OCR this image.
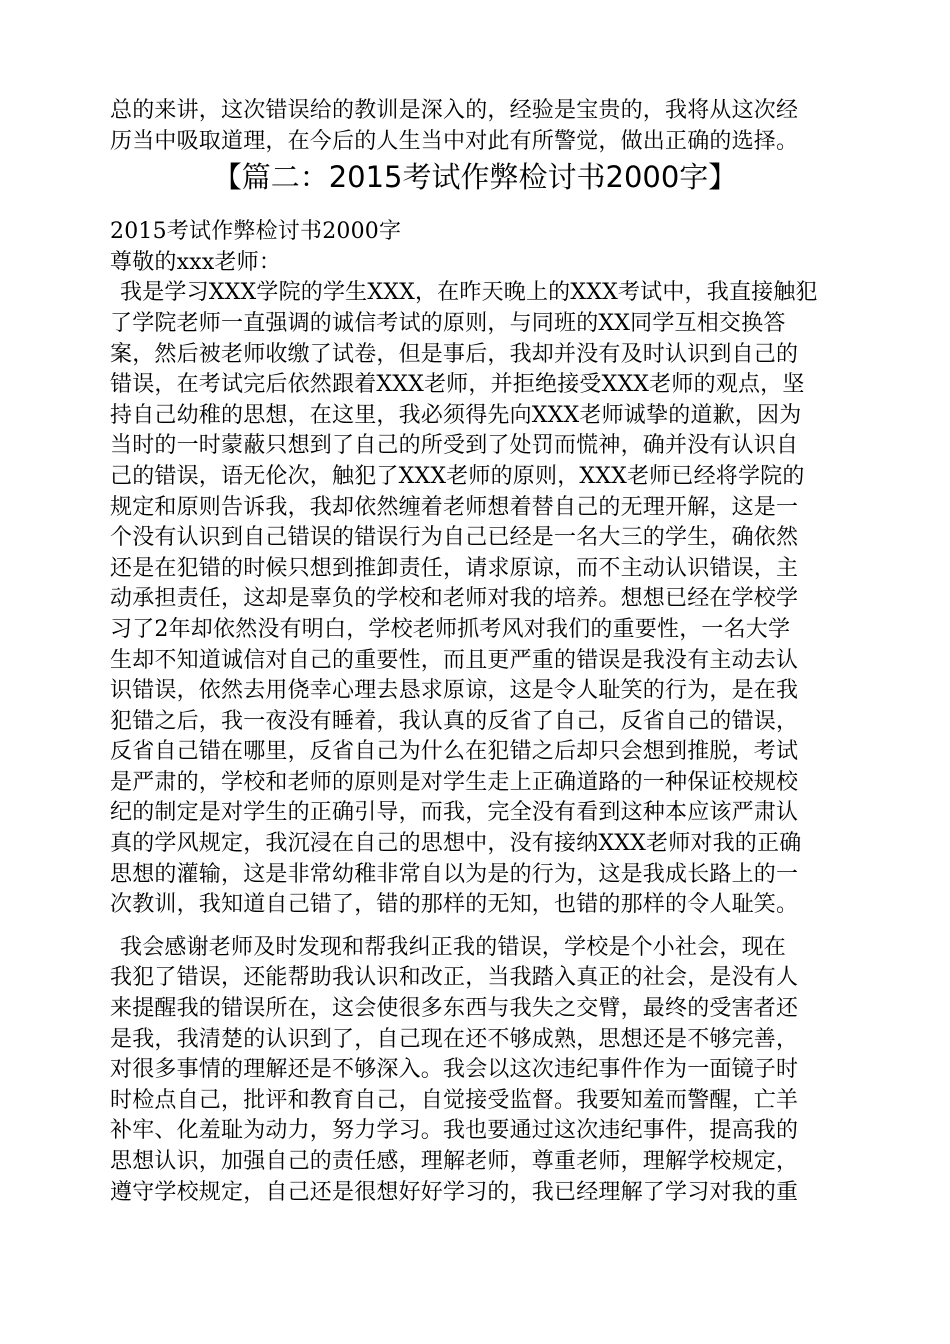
总的来讲，这次错误给的教训是深入的，经验是宝贵的，我将从这次经
历当中吸取道理，在今后的人生当中对此有所警觉，做出正确的选择。
【篇二：2015考试作弊检讨书2000字】
2015考试作弊检讨书2000字
尊敬的xxx老师：
我是学习XXX学院的学生XXX，在昨天晚上的XXX考试中，我直接触犯
了学院老师一直强调的诚信考试的原则，与同班的XX同学互相交换答
案，然后被老师收缴了试卷，但是事后，我却并没有及时认识到自己的
错误，在考试完后依然跟着XXX老师，并拒绝接受XXX老师的观点，坚
持自己幼稚的思想，在这里，我必须得先向XXX老师诚挚的道歉，因为
当时的一时蒙蔽只想到了自己的所受到了处罚而慌神，确并没有认识自
己的错误，语无伦次，触犯了XXX老师的原则，XXX老师已经将学院的
规定和原则告诉我，我却依然缠着老师想着替自己的无理开解，这是一
个没有认识到自己错误的错误行为自己已经是一名大三的学生，确依然
还是在犯错的时候只想到推卸责任，请求原谅，而不主动认识错误，主
动承担责任，这却是辜负的学校和老师对我的培养。想想已经在学校学
习了2年却依然没有明白，学校老师抓考风对我们的重要性，一名大学
生却不知道诚信对自己的重要性，而且更严重的错误是我没有主动去认
识错误，依然去用侥幸心理去恳求原谅，这是令人耻笑的行为，是在我
犯错之后，我一夜没有睡着，我认真的反省了自己，反省自己的错误，
反省自己错在哪里，反省自己为什么在犯错之后却只会想到推脱，考试
是严肃的，学校和老师的原则是对学生走上正确道路的一种保证校规校
纪的制定是对学生的正确引导，而我，完全没有看到这种本应该严肃认
真的学风规定，我沉浸在自己的思想中，没有接纳XXX老师对我的正确
思想的灌输，这是非常幼稚非常自以为是的行为，这是我成长路上的一
次教训，我知道自己错了，错的那样的无知，也错的那样的令人耻笑。
我会感谢老师及时发现和帮我纠正我的错误，学校是个小社会，现在
我犯了错误，还能帮助我认识和改正，当我踏入真正的社会，是没有人
来提醒我的错误所在，这会使很多东西与我失之交臂，最终的受害者还
是我，我清楚的认识到了，自己现在还不够成熟，思想还是不够完善，
对很多事情的理解还是不够深入。我会以这次违纪事件作为一面镜子时
时检点自己，批评和教育自己，自觉接受监督。我要知羞而警醒，亡羊
补牢、化羞耻为动力，努力学习。我也要通过这次违纪事件，提高我的
思想认识，加强自己的责任感，理解老师，尊重老师，理解学校规定，
遵守学校规定，自己还是很想好好学习的，我已经理解了学习对我的重
